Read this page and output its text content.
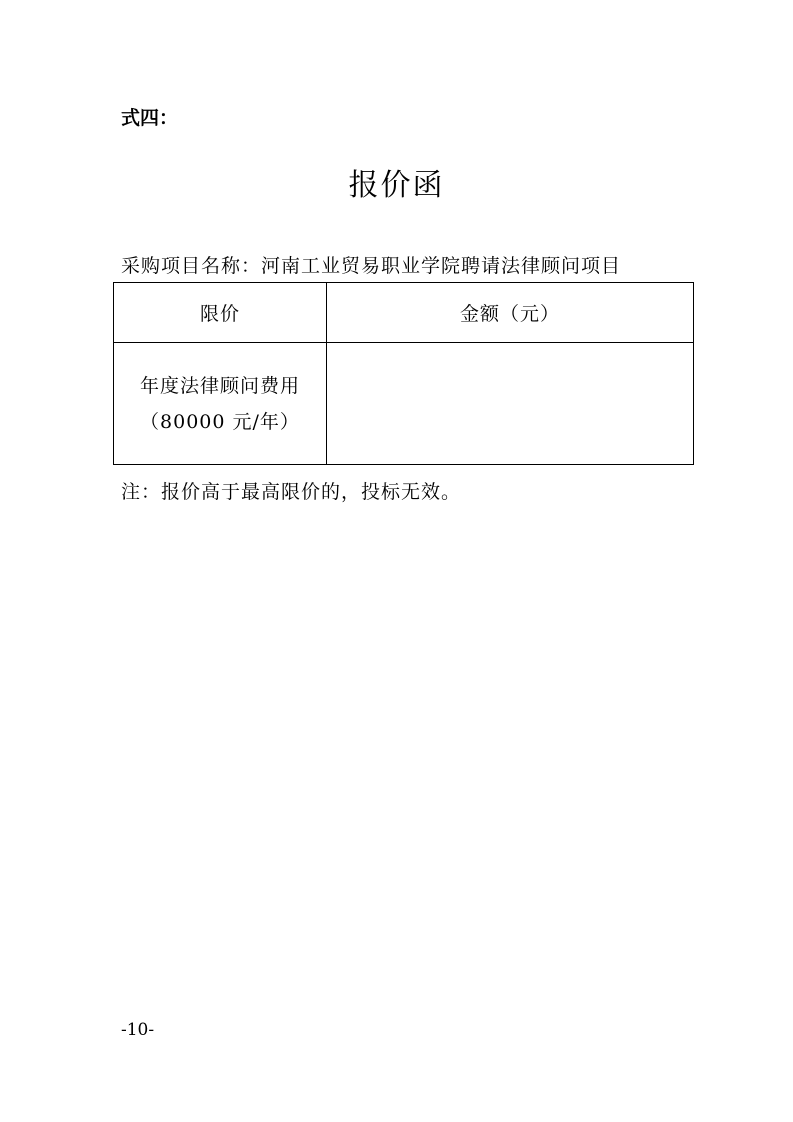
式四：
报价函
采购项目名称：河南工业贸易职业学院聘请法律顾问项目
限价	金额（元）

年度法律顾问费用
（80000 元/年）	

注：报价高于最高限价的，投标无效。
-10-
